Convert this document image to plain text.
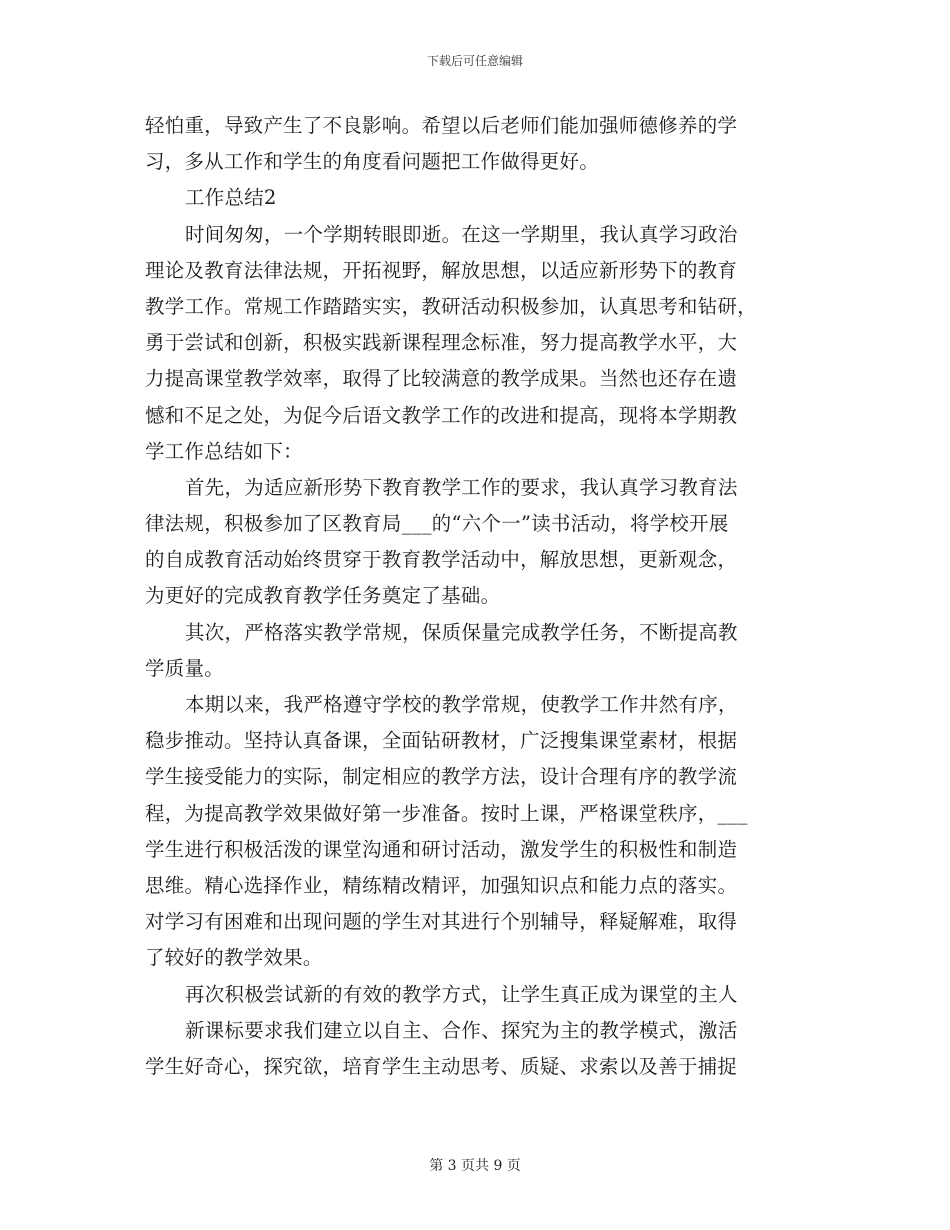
下载后可任意编辑
轻怕重，导致产生了不良影响。希望以后老师们能加强师德修养的学
习，多从工作和学生的角度看问题把工作做得更好。
工作总结2
时间匆匆，一个学期转眼即逝。在这一学期里，我认真学习政治
理论及教育法律法规，开拓视野，解放思想，以适应新形势下的教育
教学工作。常规工作踏踏实实，教研活动积极参加，认真思考和钻研，
勇于尝试和创新，积极实践新课程理念标准，努力提高教学水平，大
力提高课堂教学效率，取得了比较满意的教学成果。当然也还存在遗
憾和不足之处，为促今后语文教学工作的改进和提高，现将本学期教
学工作总结如下：
首先，为适应新形势下教育教学工作的要求，我认真学习教育法
律法规，积极参加了区教育局___的“六个一”读书活动，将学校开展
的自成教育活动始终贯穿于教育教学活动中，解放思想，更新观念，
为更好的完成教育教学任务奠定了基础。
其次，严格落实教学常规，保质保量完成教学任务，不断提高教
学质量。
本期以来，我严格遵守学校的教学常规，使教学工作井然有序，
稳步推动。坚持认真备课，全面钻研教材，广泛搜集课堂素材，根据
学生接受能力的实际，制定相应的教学方法，设计合理有序的教学流
程，为提高教学效果做好第一步准备。按时上课，严格课堂秩序，___
学生进行积极活泼的课堂沟通和研讨活动，激发学生的积极性和制造
思维。精心选择作业，精练精改精评，加强知识点和能力点的落实。
对学习有困难和出现问题的学生对其进行个别辅导，释疑解难，取得
了较好的教学效果。
再次积极尝试新的有效的教学方式，让学生真正成为课堂的主人
新课标要求我们建立以自主、合作、探究为主的教学模式，激活
学生好奇心，探究欲，培育学生主动思考、质疑、求索以及善于捕捉
第 3 页共 9 页
